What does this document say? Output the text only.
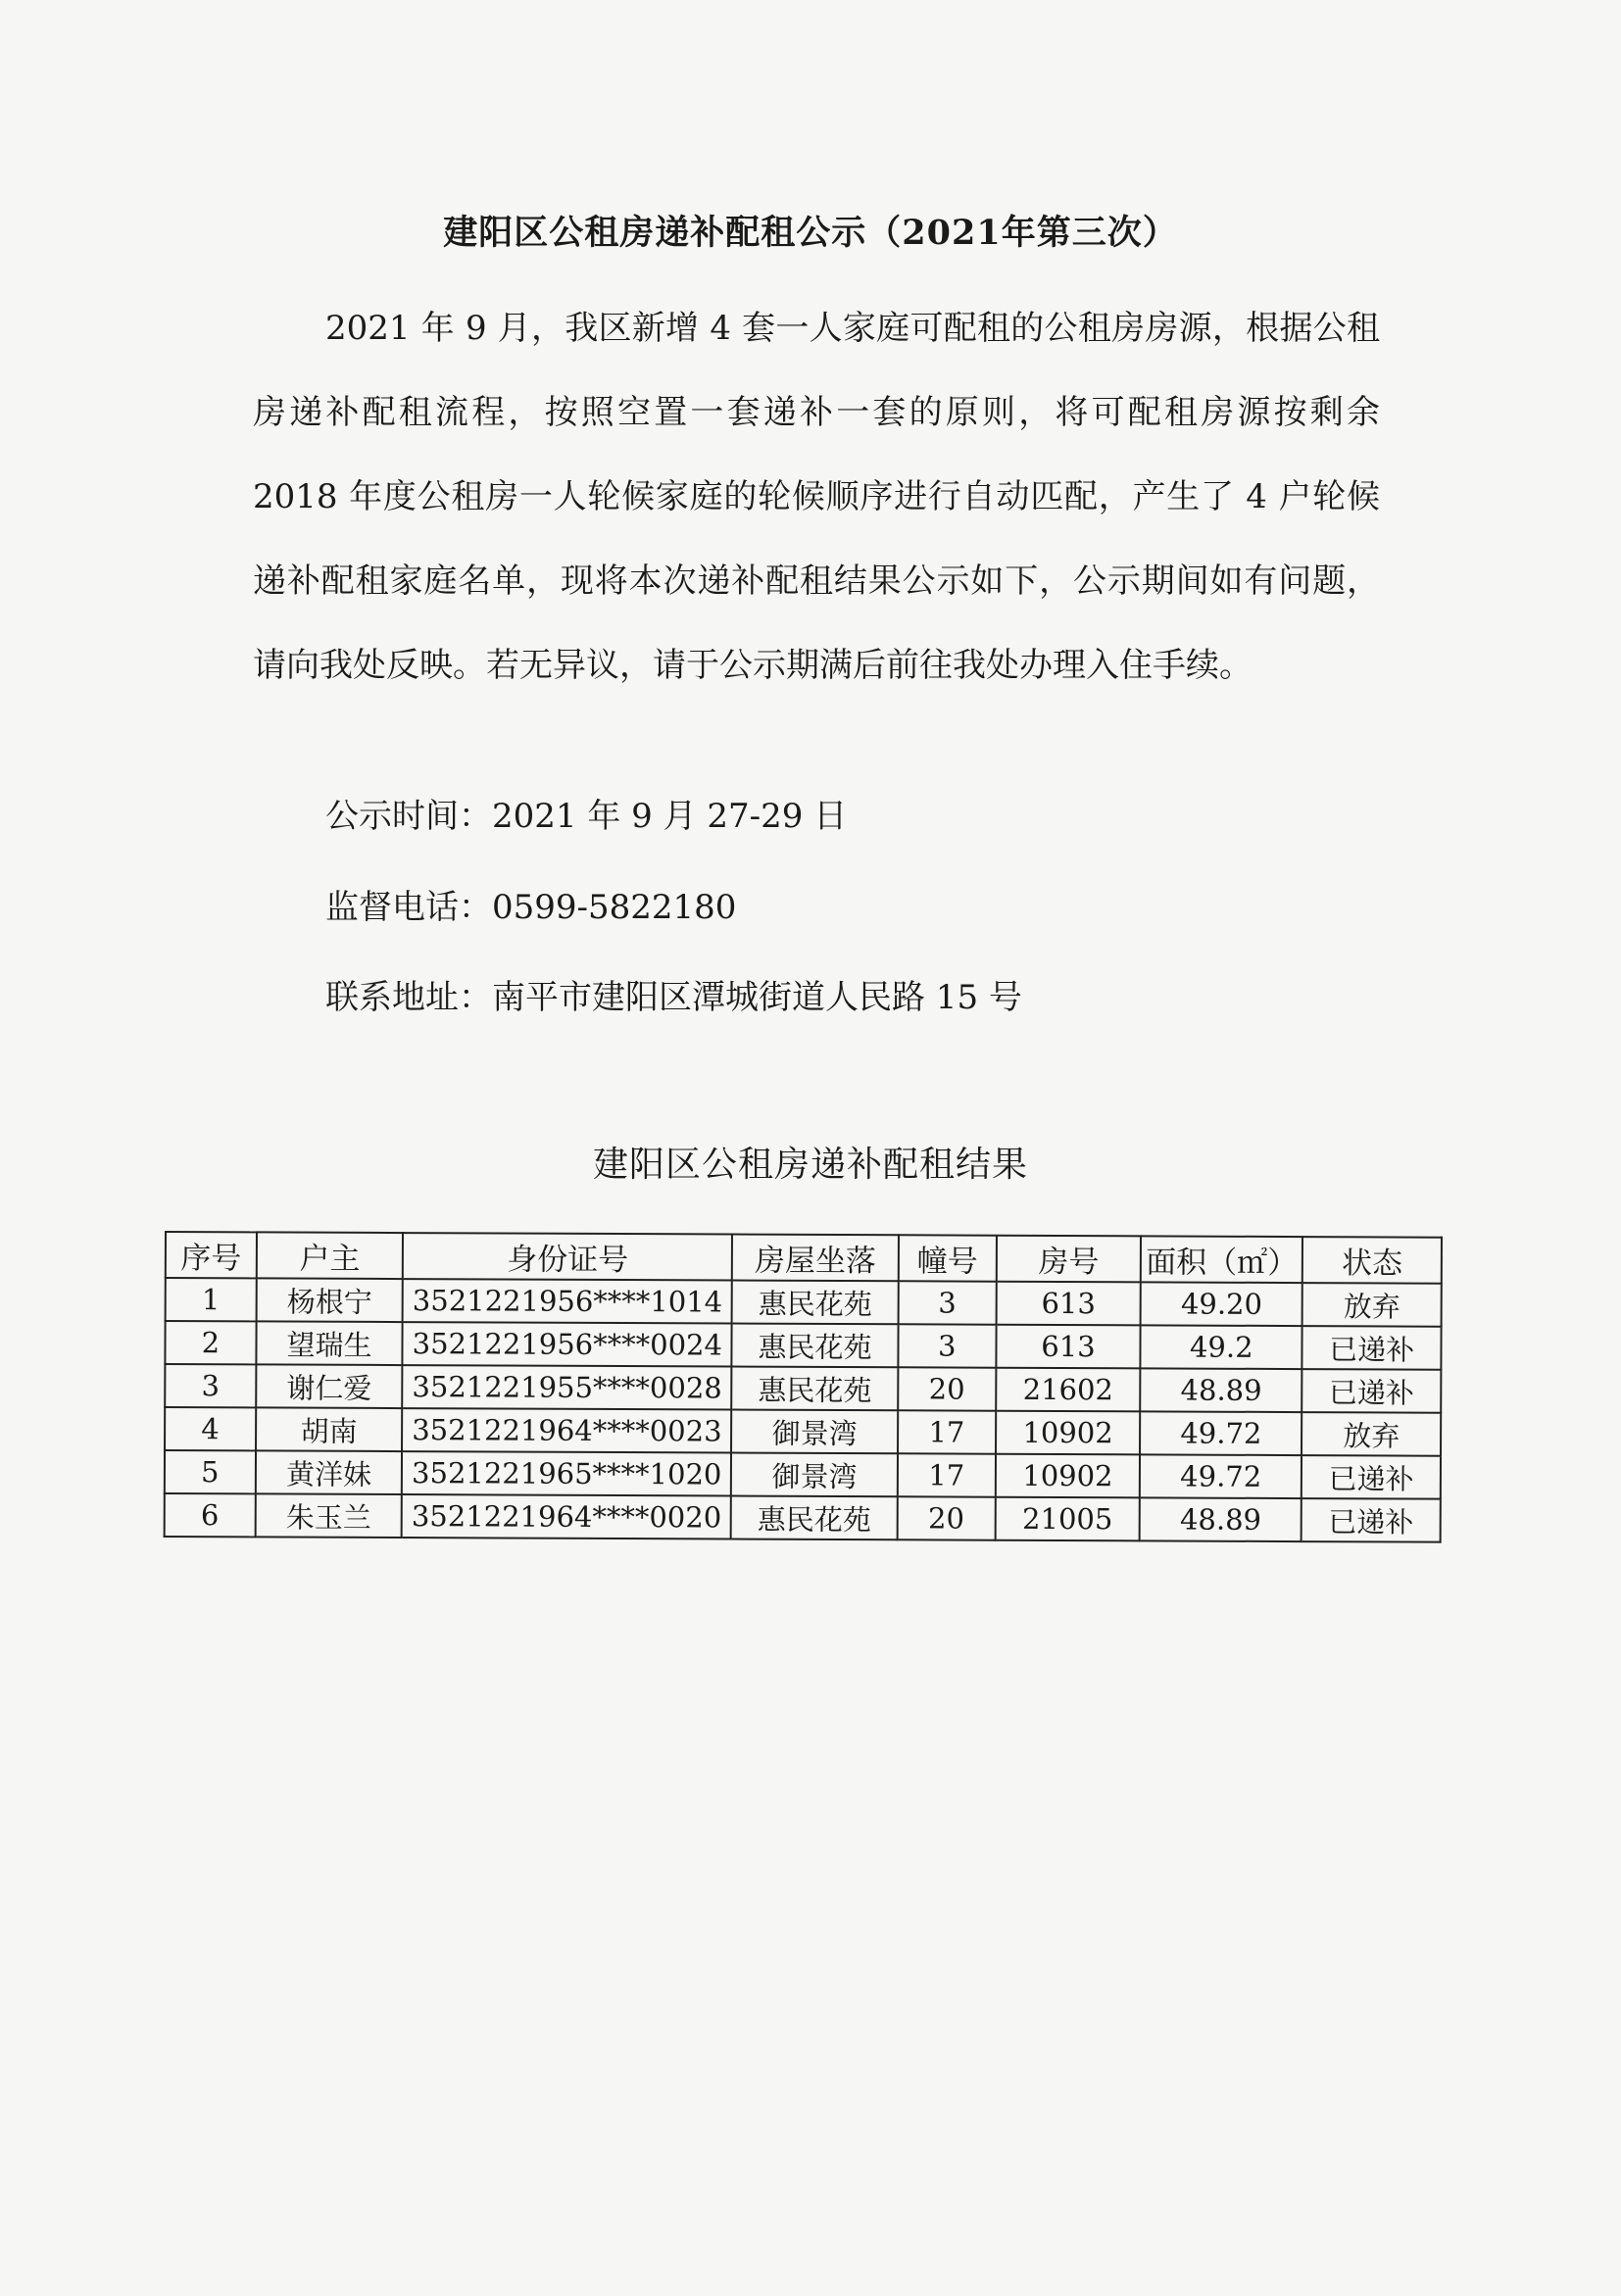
建阳区公租房递补配租公示（2021年第三次）
2021 年 9 月，我区新增 4 套一人家庭可配租的公租房房源，根据公租房递补配租流程，按照空置一套递补一套的原则，将可配租房源按剩余 2018 年度公租房一人轮候家庭的轮候顺序进行自动匹配，产生了 4 户轮候递补配租家庭名单，现将本次递补配租结果公示如下，公示期间如有问题，请向我处反映。若无异议，请于公示期满后前往我处办理入住手续。
公示时间：2021 年 9 月 27-29 日
监督电话：0599-5822180
联系地址：南平市建阳区潭城街道人民路 15 号
建阳区公租房递补配租结果
序号	户主	身份证号	房屋坐落	幢号	房号	面积（㎡）	状态
1	杨根宁	3521221956****1014	惠民花苑	3	613	49.20	放弃
2	望瑞生	3521221956****0024	惠民花苑	3	613	49.2	已递补
3	谢仁爱	3521221955****0028	惠民花苑	20	21602	48.89	已递补
4	胡南	3521221964****0023	御景湾	17	10902	49.72	放弃
5	黄洋妹	3521221965****1020	御景湾	17	10902	49.72	已递补
6	朱玉兰	3521221964****0020	惠民花苑	20	21005	48.89	已递补
